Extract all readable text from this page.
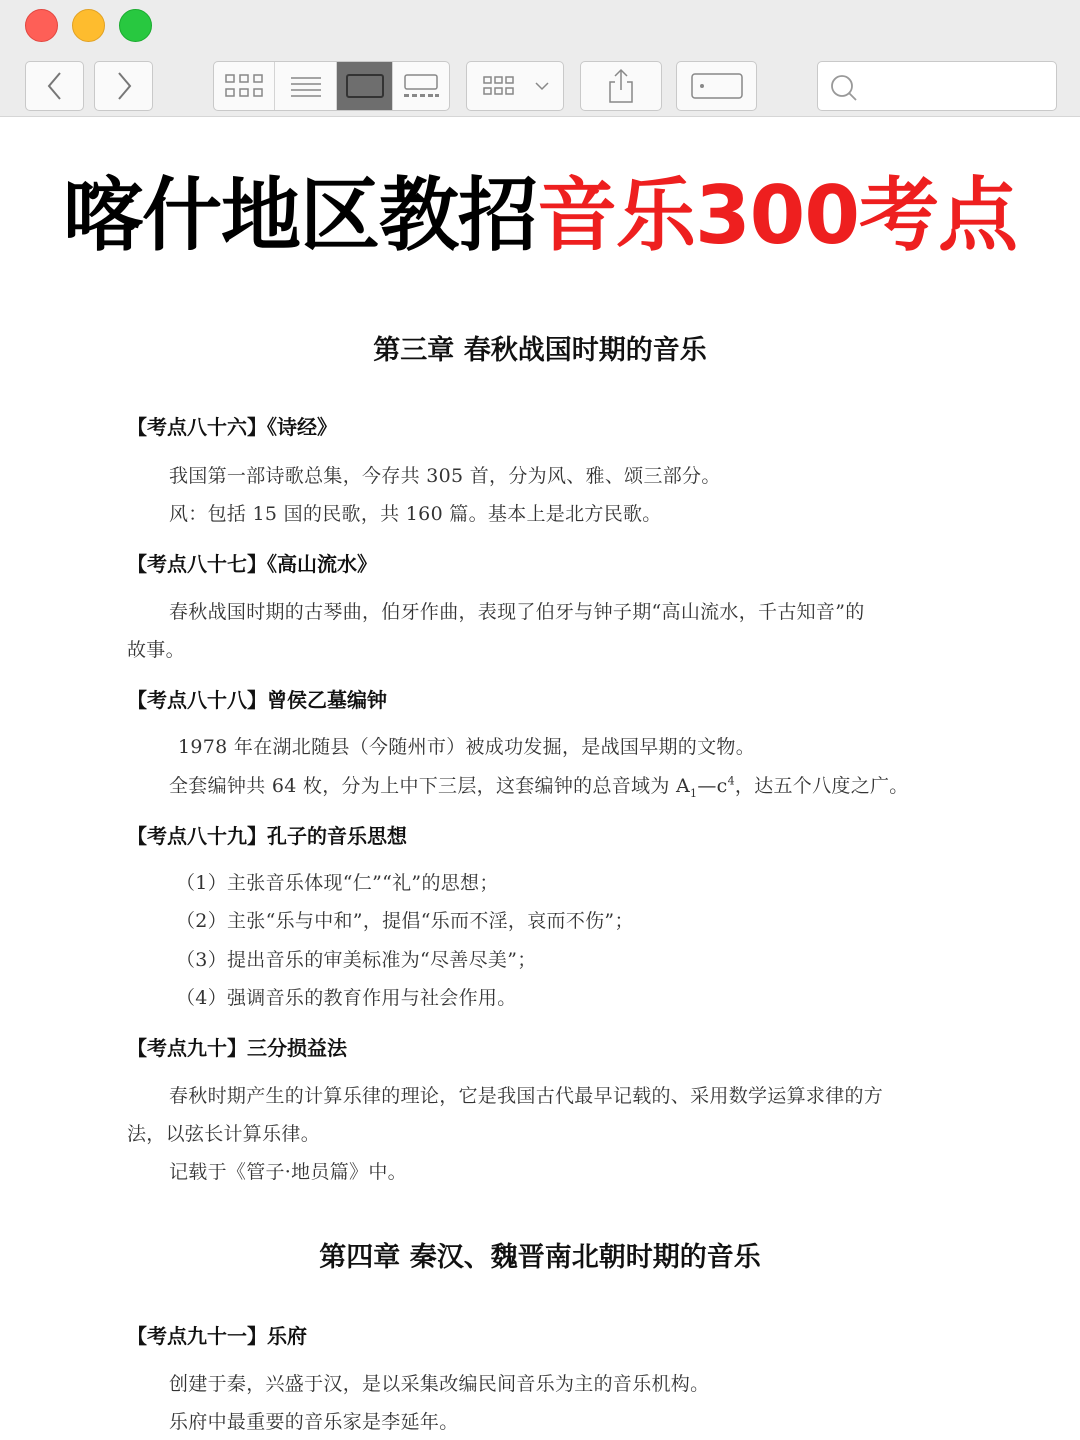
喀什地区教招音乐300考点
第三章 春秋战国时期的音乐
【考点八十六】《诗经》
我国第一部诗歌总集，今存共 305 首，分为风、雅、颂三部分。
风：包括 15 国的民歌，共 160 篇。基本上是北方民歌。
【考点八十七】《高山流水》
春秋战国时期的古琴曲，伯牙作曲，表现了伯牙与钟子期“高山流水，千古知音”的
故事。
【考点八十八】曾侯乙墓编钟
1978 年在湖北随县（今随州市）被成功发掘，是战国早期的文物。
全套编钟共 64 枚，分为上中下三层，这套编钟的总音域为 $A_1—c^4$，达五个八度之广。
【考点八十九】孔子的音乐思想
（1）主张音乐体现“仁”“礼”的思想；
（2）主张“乐与中和”，提倡“乐而不淫，哀而不伤”；
（3）提出音乐的审美标准为“尽善尽美”；
（4）强调音乐的教育作用与社会作用。
【考点九十】三分损益法
春秋时期产生的计算乐律的理论，它是我国古代最早记载的、采用数学运算求律的方
法，以弦长计算乐律。
记载于《管子·地员篇》中。
第四章 秦汉、魏晋南北朝时期的音乐
【考点九十一】乐府
创建于秦，兴盛于汉，是以采集改编民间音乐为主的音乐机构。
乐府中最重要的音乐家是李延年。
